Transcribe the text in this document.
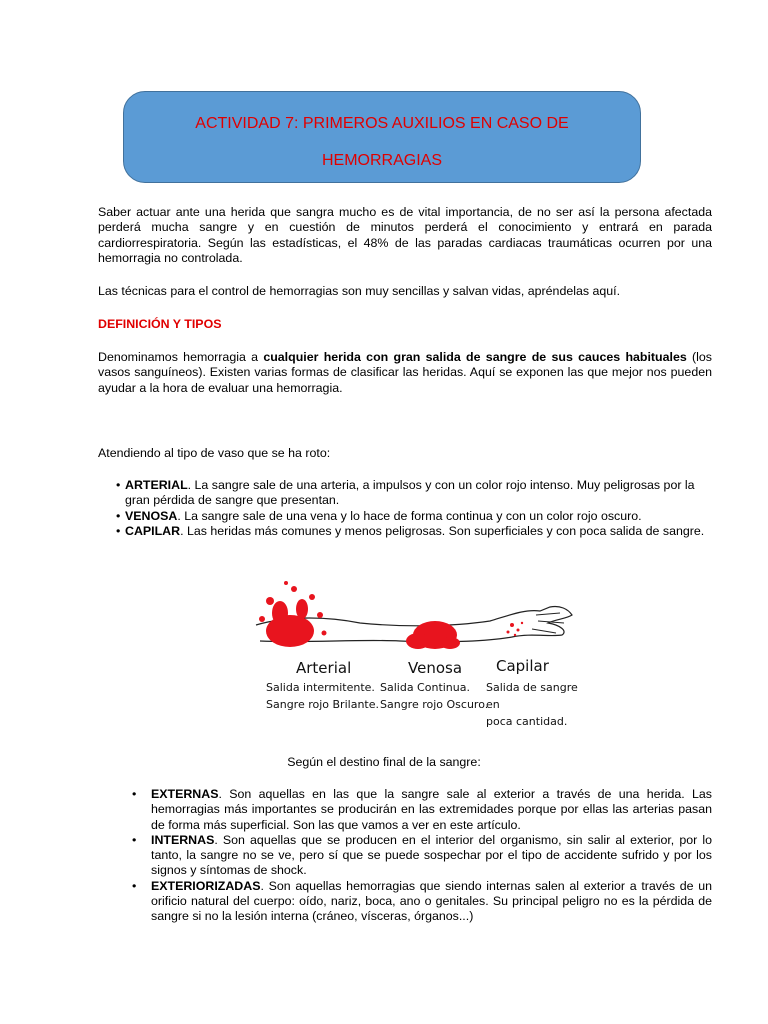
ACTIVIDAD 7: PRIMEROS AUXILIOS EN CASO DE
HEMORRAGIAS
Saber actuar ante una herida que sangra mucho es de vital importancia, de no ser así la persona afectada perderá mucha sangre y en cuestión de minutos perderá el conocimiento y entrará en parada cardiorrespiratoria. Según las estadísticas, el 48% de las paradas cardiacas traumáticas ocurren por una hemorragia no controlada.
Las técnicas para el control de hemorragias son muy sencillas y salvan vidas, apréndelas aquí.
DEFINICIÓN Y TIPOS
Denominamos hemorragia a cualquier herida con gran salida de sangre de sus cauces habituales (los vasos sanguíneos). Existen varias formas de clasificar las heridas. Aquí se exponen las que mejor nos pueden ayudar a la hora de evaluar una hemorragia.
Atendiendo al tipo de vaso que se ha roto:
• ARTERIAL. La sangre sale de una arteria, a impulsos y con un color rojo intenso. Muy peligrosas por la gran pérdida de sangre que presentan.
• VENOSA. La sangre sale de una vena y lo hace de forma continua y con un color rojo oscuro.
• CAPILAR. Las heridas más comunes y menos peligrosas. Son superficiales y con poca salida de sangre.
Arterial
Salida intermitente.
Sangre rojo Brilante.
Venosa
Salida Continua.
Sangre rojo Oscuro.
Capilar
Salida de sangre en
poca cantidad.
Según el destino final de la sangre:
• EXTERNAS. Son aquellas en las que la sangre sale al exterior a través de una herida. Las hemorragias más importantes se producirán en las extremidades porque por ellas las arterias pasan de forma más superficial. Son las que vamos a ver en este artículo.
• INTERNAS. Son aquellas que se producen en el interior del organismo, sin salir al exterior, por lo tanto, la sangre no se ve, pero sí que se puede sospechar por el tipo de accidente sufrido y por los signos y síntomas de shock.
• EXTERIORIZADAS. Son aquellas hemorragias que siendo internas salen al exterior a través de un orificio natural del cuerpo: oído, nariz, boca, ano o genitales. Su principal peligro no es la pérdida de sangre si no la lesión interna (cráneo, vísceras, órganos...)
